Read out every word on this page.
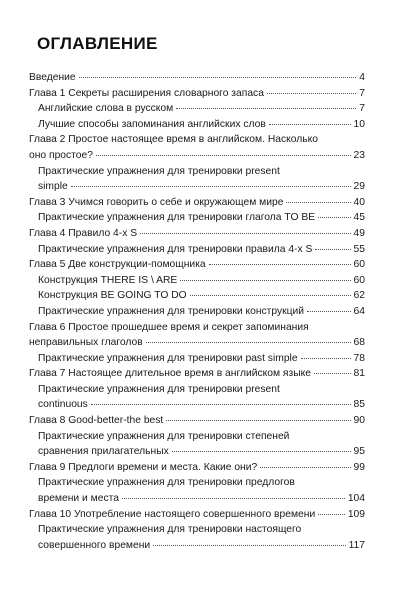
ОГЛАВЛЕНИЕ
Введение	4
Глава 1 Секреты расширения словарного запаса	7
Английские слова в русском	7
Лучшие способы запоминания английских слов	10
Глава 2 Простое настоящее время в английском. Насколько
оно простое?	23
Практические упражнения для тренировки present
simple	29
Глава 3 Учимся говорить о себе и окружающем мире	40
Практические упражнения для тренировки глагола TO BE	45
Глава 4 Правило 4-х S	49
Практические упражнения для тренировки правила 4-х S	55
Глава 5 Две конструкции-помощника	60
Конструкция THERE IS \ ARE	60
Конструкция BE GOING TO DO	62
Практические упражнения для тренировки конструкций	64
Глава 6 Простое прошедшее время и секрет запоминания
неправильных глаголов	68
Практические упражнения для тренировки past simple	78
Глава 7 Настоящее длительное время в английском языке	81
Практические упражнения для тренировки present
continuous	85
Глава 8 Good-better-the best	90
Практические упражнения для тренировки степеней
сравнения прилагательных	95
Глава 9 Предлоги времени и места. Какие они?	99
Практические упражнения для тренировки предлогов
времени и места	104
Глава 10 Употребление настоящего совершенного времени	109
Практические упражнения для тренировки настоящего
совершенного времени	117
